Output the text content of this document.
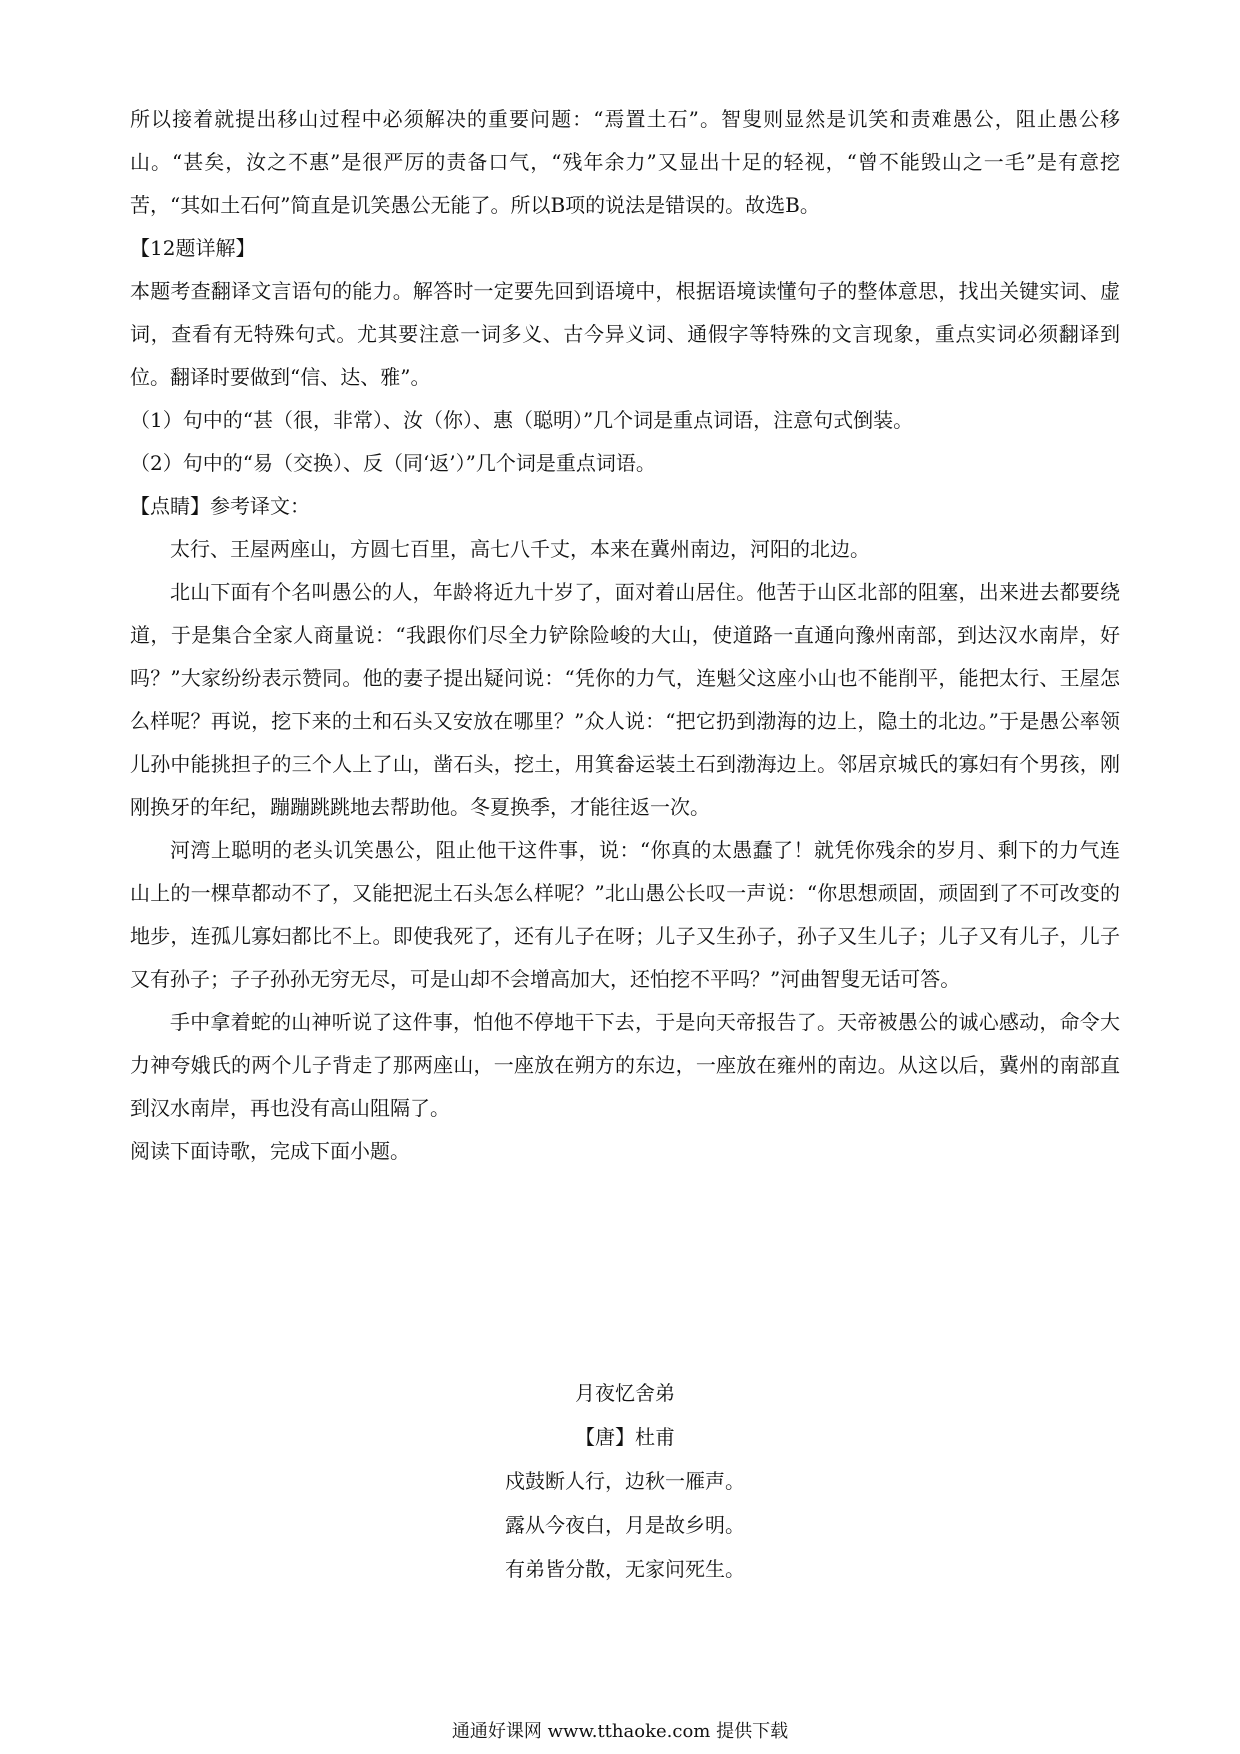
所以接着就提出移山过程中必须解决的重要问题：“焉置土石”。智叟则显然是讥笑和责难愚公，阻止愚公移山。“甚矣，汝之不惠”是很严厉的责备口气，“残年余力”又显出十足的轻视，“曾不能毁山之一毛”是有意挖苦，“其如土石何”简直是讥笑愚公无能了。所以B项的说法是错误的。故选B。

【12题详解】

本题考查翻译文言语句的能力。解答时一定要先回到语境中，根据语境读懂句子的整体意思，找出关键实词、虚词，查看有无特殊句式。尤其要注意一词多义、古今异义词、通假字等特殊的文言现象，重点实词必须翻译到位。翻译时要做到“信、达、雅”。

（1）句中的“甚（很，非常）、汝（你）、惠（聪明）”几个词是重点词语，注意句式倒装。

（2）句中的“易（交换）、反（同‘返’）”几个词是重点词语。

【点睛】参考译文：

太行、王屋两座山，方圆七百里，高七八千丈，本来在冀州南边，河阳的北边。

北山下面有个名叫愚公的人，年龄将近九十岁了，面对着山居住。他苦于山区北部的阻塞，出来进去都要绕道，于是集合全家人商量说：“我跟你们尽全力铲除险峻的大山，使道路一直通向豫州南部，到达汉水南岸，好吗？”大家纷纷表示赞同。他的妻子提出疑问说：“凭你的力气，连魁父这座小山也不能削平，能把太行、王屋怎么样呢？再说，挖下来的土和石头又安放在哪里？”众人说：“把它扔到渤海的边上，隐土的北边。”于是愚公率领儿孙中能挑担子的三个人上了山，凿石头，挖土，用箕畚运装土石到渤海边上。邻居京城氏的寡妇有个男孩，刚刚换牙的年纪，蹦蹦跳跳地去帮助他。冬夏换季，才能往返一次。

河湾上聪明的老头讥笑愚公，阻止他干这件事，说：“你真的太愚蠢了！就凭你残余的岁月、剩下的力气连山上的一棵草都动不了，又能把泥土石头怎么样呢？”北山愚公长叹一声说：“你思想顽固，顽固到了不可改变的地步，连孤儿寡妇都比不上。即使我死了，还有儿子在呀；儿子又生孙子，孙子又生儿子；儿子又有儿子，儿子又有孙子；子子孙孙无穷无尽，可是山却不会增高加大，还怕挖不平吗？”河曲智叟无话可答。

手中拿着蛇的山神听说了这件事，怕他不停地干下去，于是向天帝报告了。天帝被愚公的诚心感动，命令大力神夸娥氏的两个儿子背走了那两座山，一座放在朔方的东边，一座放在雍州的南边。从这以后，冀州的南部直到汉水南岸，再也没有高山阻隔了。

阅读下面诗歌，完成下面小题。

月夜忆舍弟

【唐】杜甫

戍鼓断人行，边秋一雁声。

露从今夜白，月是故乡明。

有弟皆分散，无家问死生。

通通好课网 www.tthaoke.com 提供下载
